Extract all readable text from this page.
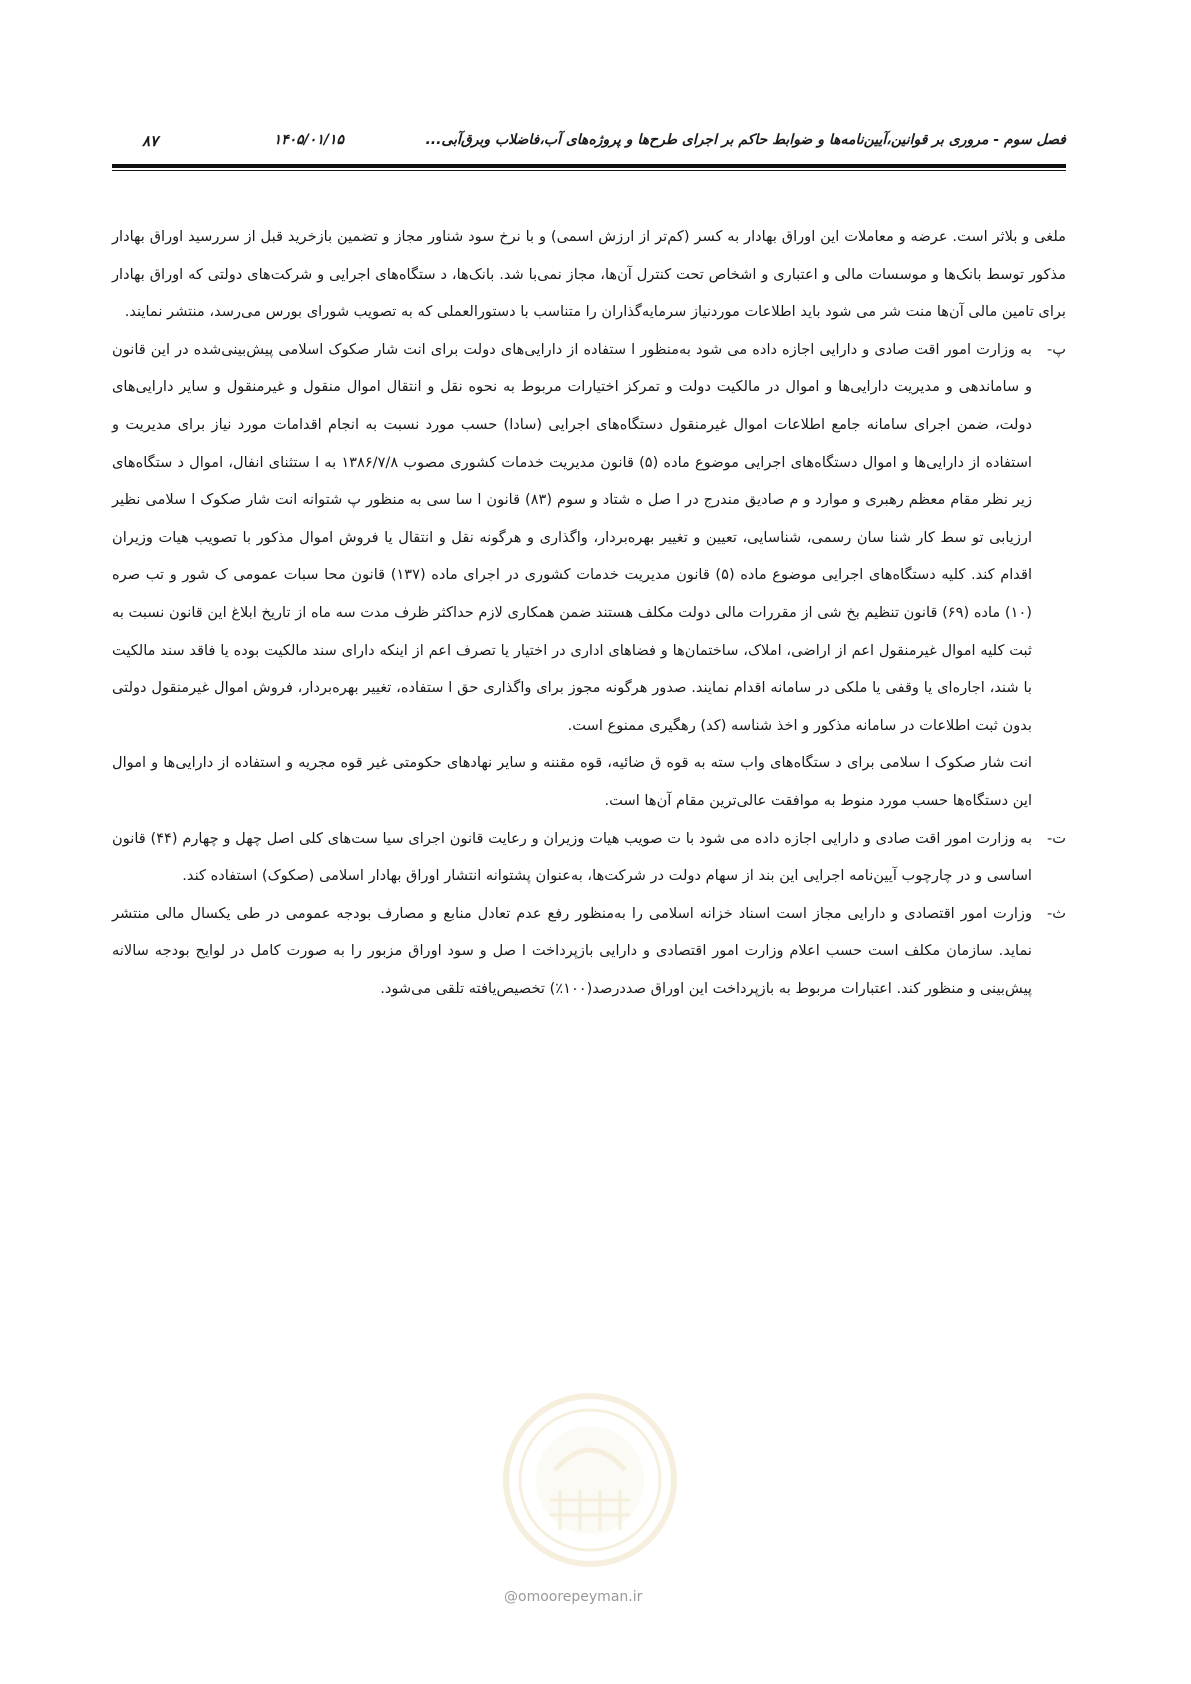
فصل سوم - مروری بر قوانین،آیین‌نامه‌ها و ضوابط حاکم بر اجرای طرح‌ها و پروژه‌های آب،فاضلاب وبرق‌آبی...
۱۴۰۵/۰۱/۱۵
۸۷

ملغی و بلاثر است. عرضه و معاملات این اوراق بهادار به کسر (کم‌تر از ارزش اسمی) و با نرخ سود شناور مجاز و تضمین بازخرید قبل از سررسید اوراق بهادار مذکور توسط بانک‌ها و موسسات مالی و اعتباری و اشخاص تحت کنترل آن‌ها، مجاز نمی‌با شد. بانک‌ها، د ستگاه‌های اجرایی و شرکت‌های دولتی که اوراق بهادار برای تامین مالی آن‌ها منت شر می شود باید اطلاعات موردنیاز سرمایه‌گذاران را متناسب با دستورالعملی که به تصویب شورای بورس می‌رسد، منتشر نمایند.

پ-
به وزارت امور اقت صادی و دارایی اجازه داده می شود به‌منظور ا ستفاده از دارایی‌های دولت برای انت شار صکوک اسلامی پیش‌بینی‌شده در این قانون و ساماندهی و مدیریت دارایی‌ها و اموال در مالکیت دولت و تمرکز اختیارات مربوط به نحوه نقل و انتقال اموال منقول و غیرمنقول و سایر دارایی‌های دولت، ضمن اجرای سامانه جامع اطلاعات اموال غیرمنقول دستگاه‌های اجرایی (سادا) حسب مورد نسبت به انجام اقدامات مورد نیاز برای مدیریت و استفاده از دارایی‌ها و اموال دستگاه‌های اجرایی موضوع ماده (۵) قانون مدیریت خدمات کشوری مصوب ۱۳۸۶/۷/۸ به ا ستثنای انفال، اموال د ستگاه‌های زیر نظر مقام معظم رهبری و موارد و م صادیق مندرج در ا صل ه شتاد و سوم (۸۳) قانون ا سا سی به منظور پ شتوانه انت شار صکوک ا سلامی نظیر ارزیابی تو سط کار شنا سان رسمی، شناسایی، تعیین و تغییر بهره‌بردار، واگذاری و هرگونه نقل و انتقال یا فروش اموال مذکور با تصویب هیات وزیران اقدام کند. کلیه دستگاه‌های اجرایی موضوع ماده (۵) قانون مدیریت خدمات کشوری در اجرای ماده (۱۳۷) قانون محا سبات عمومی ک شور و تب صره (۱۰) ماده (۶۹) قانون تنظیم بخ شی از مقررات مالی دولت مکلف هستند ضمن همکاری لازم حداکثر ظرف مدت سه ماه از تاریخ ابلاغ این قانون نسبت به ثبت کلیه اموال غیرمنقول اعم از اراضی، املاک، ساختمان‌ها و فضاهای اداری در اختیار یا تصرف اعم از اینکه دارای سند مالکیت بوده یا فاقد سند مالکیت با شند، اجاره‌ای یا وقفی یا ملکی در سامانه اقدام نمایند. صدور هرگونه مجوز برای واگذاری حق ا ستفاده، تغییر بهره‌بردار، فروش اموال غیرمنقول دولتی بدون ثبت اطلاعات در سامانه مذکور و اخذ شناسه (کد) رهگیری ممنوع است.

انت شار صکوک ا سلامی برای د ستگاه‌های واب سته به قوه ق ضائیه، قوه مقننه و سایر نهادهای حکومتی غیر قوه مجریه و استفاده از دارایی‌ها و اموال این دستگاه‌ها حسب مورد منوط به موافقت عالی‌ترین مقام آن‌ها است.

ت-
به وزارت امور اقت صادی و دارایی اجازه داده می شود با ت صویب هیات وزیران و رعایت قانون اجرای سیا ست‌های کلی اصل چهل و چهارم (۴۴) قانون اساسی و در چارچوب آیین‌نامه اجرایی این بند از سهام دولت در شرکت‌ها، به‌عنوان پشتوانه انتشار اوراق بهادار اسلامی (صکوک) استفاده کند.
ث-
وزارت امور اقتصادی و دارایی مجاز است اسناد خزانه اسلامی را به‌منظور رفع عدم تعادل منابع و مصارف بودجه عمومی در طی یکسال مالی منتشر نماید. سازمان مکلف است حسب اعلام وزارت امور اقتصادی و دارایی بازپرداخت ا صل و سود اوراق مزبور را به صورت کامل در لوایح بودجه سالانه پیش‌بینی و منظور کند. اعتبارات مربوط به بازپرداخت این اوراق صددرصد(۱۰۰٪) تخصیص‌یافته تلقی می‌شود.
@omoorepeyman.ir
